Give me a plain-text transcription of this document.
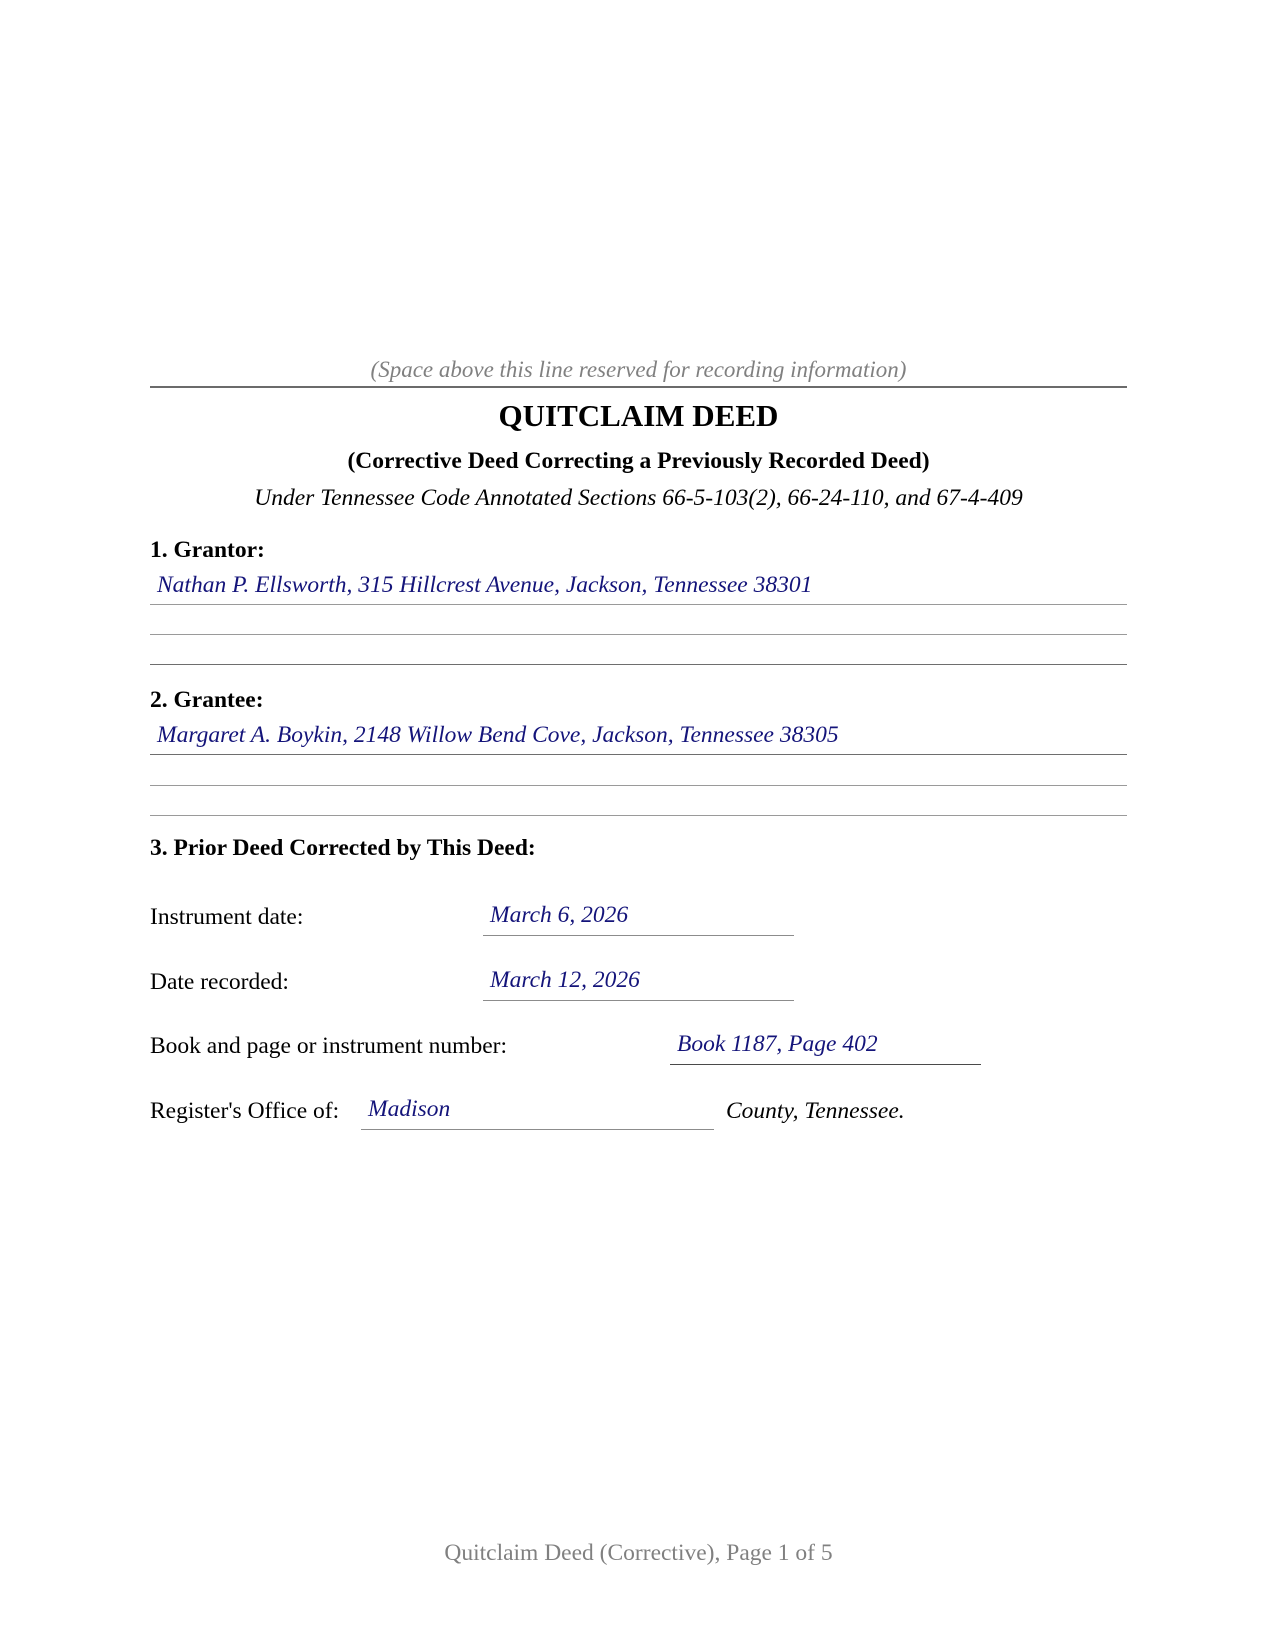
(Space above this line reserved for recording information)
QUITCLAIM DEED
(Corrective Deed Correcting a Previously Recorded Deed)
Under Tennessee Code Annotated Sections 66-5-103(2), 66-24-110, and 67-4-409
1. Grantor:
Nathan P. Ellsworth, 315 Hillcrest Avenue, Jackson, Tennessee 38301
2. Grantee:
Margaret A. Boykin, 2148 Willow Bend Cove, Jackson, Tennessee 38305
3. Prior Deed Corrected by This Deed:
Instrument date:	March 6, 2026
Date recorded:	March 12, 2026
Book and page or instrument number:	Book 1187, Page 402
Register's Office of: Madison	County, Tennessee.
Quitclaim Deed (Corrective), Page 1 of 5
